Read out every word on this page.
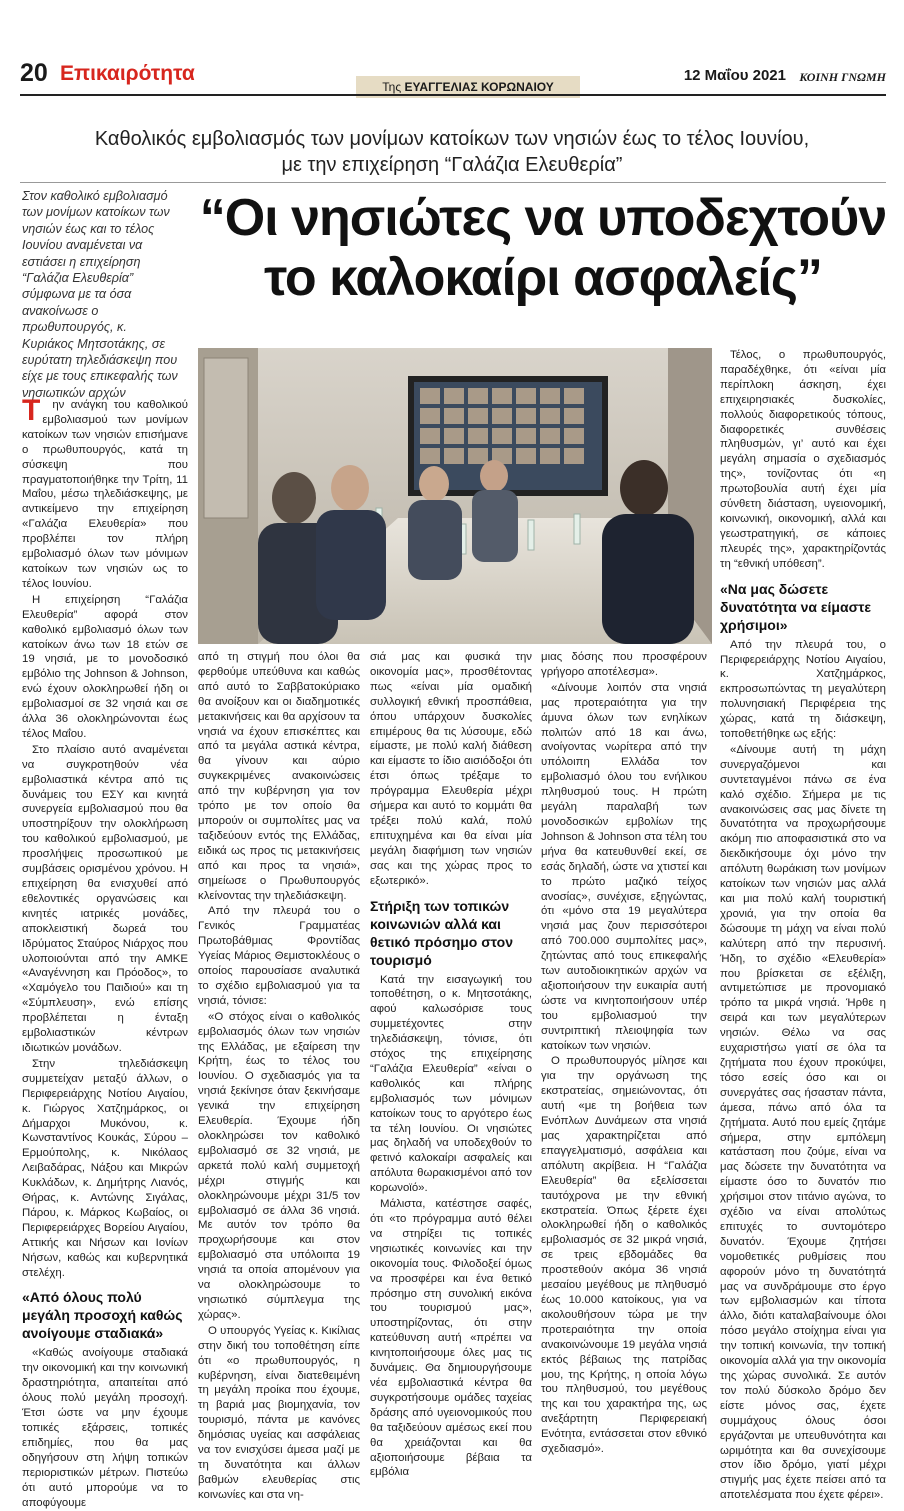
20 Επικαιρότητα
Της ΕΥΑΓΓΕΛΙΑΣ ΚΟΡΩΝΑΙΟΥ
12 Μαΐου 2021 ΚΟΙΝΗ ΓΝΩΜΗ
Καθολικός εμβολιασμός των μονίμων κατοίκων των νησιών έως το τέλος Ιουνίου,
με την επιχείρηση “Γαλάζια Ελευθερία”
Στον καθολικό εμβολιασμό των μονίμων κατοίκων των νησιών έως και το τέλος Ιουνίου αναμένεται να εστιάσει η επιχείρηση “Γαλάζια Ελευθερία” σύμφωνα με τα όσα ανακοίνωσε ο πρωθυπουργός, κ. Κυριάκος Μητσοτάκης, σε ευρύτατη τηλεδιάσκεψη που είχε με τους επικεφαλής των νησιωτικών αρχών
“Οι νησιώτες να υποδεχτούν
το καλοκαίρι ασφαλείς”

Την ανάγκη του καθολικού εμβολιασμού των μονίμων κατοίκων των νησιών επισήμανε ο πρωθυπουργός, κατά τη σύσκεψη που πραγματοποιήθηκε την Τρίτη, 11 Μαΐου, μέσω τηλεδιάσκεψης, με αντικείμενο την επιχείρηση «Γαλάζια Ελευθερία» που προβλέπει τον πλήρη εμβολιασμό όλων των μόνιμων κατοίκων των νησιών ως το τέλος Ιουνίου.

Η επιχείρηση “Γαλάζια Ελευθερία” αφορά στον καθολικό εμβολιασμό όλων των κατοίκων άνω των 18 ετών σε 19 νησιά, με το μονοδοσικό εμβόλιο της Johnson & Johnson, ενώ έχουν ολοκληρωθεί ήδη οι εμβολιασμοί σε 32 νησιά και σε άλλα 36 ολοκληρώνονται έως τέλος Μαΐου.

Στο πλαίσιο αυτό αναμένεται να συγκροτηθούν νέα εμβολιαστικά κέντρα από τις δυνάμεις του ΕΣΥ και κινητά συνεργεία εμβολιασμού που θα υποστηρίξουν την ολοκλήρωση του καθολικού εμβολιασμού, με προσλήψεις προσωπικού με συμβάσεις ορισμένου χρόνου. Η επιχείρηση θα ενισχυθεί από εθελοντικές οργανώσεις και κινητές ιατρικές μονάδες, αποκλειστική δωρεά του Ιδρύματος Σταύρος Νιάρχος που υλοποιούνται από την ΑΜΚΕ «Αναγέννηση και Πρόοδος», το «Χαμόγελο του Παιδιού» και τη «Σύμπλευση», ενώ επίσης προβλέπεται η ένταξη εμβολιαστικών κέντρων ιδιωτικών μονάδων.

Στην τηλεδιάσκεψη συμμετείχαν μεταξύ άλλων, ο Περιφερειάρχης Νοτίου Αιγαίου, κ. Γιώργος Χατζημάρκος, οι Δήμαρχοι Μυκόνου, κ. Κωνσταντίνος Κουκάς, Σύρου – Ερμούπολης, κ. Νικόλαος Λειβαδάρας, Νάξου και Μικρών Κυκλάδων, κ. Δημήτρης Λιανός, Θήρας, κ. Αντώνης Σιγάλας, Πάρου, κ. Μάρκος Κωβαίος, οι Περιφερειάρχες Βορείου Αιγαίου, Αττικής και Νήσων και Ιονίων Νήσων, καθώς και κυβερνητικά στελέχη.

«Από όλους πολύ μεγάλη προσοχή καθώς ανοίγουμε σταδιακά»

«Καθώς ανοίγουμε σταδιακά την οικονομική και την κοινωνική δραστηριότητα, απαιτείται από όλους πολύ μεγάλη προσοχή. Έτσι ώστε να μην έχουμε τοπικές εξάρσεις, τοπικές επιδημίες, που θα μας οδηγήσουν στη λήψη τοπικών περιοριστικών μέτρων. Πιστεύω ότι αυτό μπορούμε να το αποφύγουμε

από τη στιγμή που όλοι θα φερθούμε υπεύθυνα και καθώς από αυτό το Σαββατοκύριακο θα ανοίξουν και οι διαδημοτικές μετακινήσεις και θα αρχίσουν τα νησιά να έχουν επισκέπτες και από τα μεγάλα αστικά κέντρα, θα γίνουν και αύριο συγκεκριμένες ανακοινώσεις από την κυβέρνηση για τον τρόπο με τον οποίο θα μπορούν οι συμπολίτες μας να ταξιδεύουν εντός της Ελλάδας, ειδικά ως προς τις μετακινήσεις από και προς τα νησιά», σημείωσε ο Πρωθυπουργός κλείνοντας την τηλεδιάσκεψη.

Από την πλευρά του ο Γενικός Γραμματέας Πρωτοβάθμιας Φροντίδας Υγείας Μάριος Θεμιστοκλέους ο οποίος παρουσίασε αναλυτικά το σχέδιο εμβολιασμού για τα νησιά, τόνισε:

«Ο στόχος είναι ο καθολικός εμβολιασμός όλων των νησιών της Ελλάδας, με εξαίρεση την Κρήτη, έως το τέλος του Ιουνίου. Ο σχεδιασμός για τα νησιά ξεκίνησε όταν ξεκινήσαμε γενικά την επιχείρηση Ελευθερία. Έχουμε ήδη ολοκληρώσει τον καθολικό εμβολιασμό σε 32 νησιά, με αρκετά πολύ καλή συμμετοχή μέχρι στιγμής και ολοκληρώνουμε μέχρι 31/5 τον εμβολιασμό σε άλλα 36 νησιά. Με αυτόν τον τρόπο θα προχωρήσουμε και στον εμβολιασμό στα υπόλοιπα 19 νησιά τα οποία απομένουν για να ολοκληρώσουμε το νησιωτικό σύμπλεγμα της χώρας».

Ο υπουργός Υγείας κ. Κικίλιας στην δική του τοποθέτηση είπε ότι «ο πρωθυπουργός, η κυβέρνηση, είναι διατεθειμένη τη μεγάλη προίκα που έχουμε, τη βαριά μας βιομηχανία, τον τουρισμό, πάντα με κανόνες δημόσιας υγείας και ασφάλειας να τον ενισχύσει άμεσα μαζί με τη δυνατότητα και άλλων βαθμών ελευθερίας στις κοινωνίες και στα νη-

σιά μας και φυσικά την οικονομία μας», προσθέτοντας πως «είναι μία ομαδική συλλογική εθνική προσπάθεια, όπου υπάρχουν δυσκολίες επιμέρους θα τις λύσουμε, εδώ είμαστε, με πολύ καλή διάθεση και είμαστε το ίδιο αισιόδοξοι ότι έτσι όπως τρέξαμε το πρόγραμμα Ελευθερία μέχρι σήμερα και αυτό το κομμάτι θα τρέξει πολύ καλά, πολύ επιτυχημένα και θα είναι μία μεγάλη διαφήμιση των νησιών σας και της χώρας προς το εξωτερικό».

Στήριξη των τοπικών κοινωνιών αλλά και θετικό πρόσημο στον τουρισμό

Κατά την εισαγωγική του τοποθέτηση, ο κ. Μητσοτάκης, αφού καλωσόρισε τους συμμετέχοντες στην τηλεδιάσκεψη, τόνισε, ότι στόχος της επιχείρησης “Γαλάζια Ελευθερία” «είναι ο καθολικός και πλήρης εμβολιασμός των μόνιμων κατοίκων τους το αργότερο έως τα τέλη Ιουνίου. Οι νησιώτες μας δηλαδή να υποδεχθούν το φετινό καλοκαίρι ασφαλείς και απόλυτα θωρακισμένοι από τον κορωνοϊό».

Μάλιστα, κατέστησε σαφές, ότι «το πρόγραμμα αυτό θέλει να στηρίξει τις τοπικές νησιωτικές κοινωνίες και την οικονομία τους. Φιλοδοξεί όμως να προσφέρει και ένα θετικό πρόσημο στη συνολική εικόνα του τουρισμού μας», υποστηρίζοντας, ότι στην κατεύθυνση αυτή «πρέπει να κινητοποιήσουμε όλες μας τις δυνάμεις. Θα δημιουργήσουμε νέα εμβολιαστικά κέντρα θα συγκροτήσουμε ομάδες ταχείας δράσης από υγειονομικούς που θα ταξιδεύουν αμέσως εκεί που θα χρειάζονται και θα αξιοποιήσουμε βέβαια τα εμβόλια

μιας δόσης που προσφέρουν γρήγορο αποτέλεσμα».

«Δίνουμε λοιπόν στα νησιά μας προτεραιότητα για την άμυνα όλων των ενηλίκων πολιτών από 18 και άνω, ανοίγοντας νωρίτερα από την υπόλοιπη Ελλάδα τον εμβολιασμό όλου του ενήλικου πληθυσμού τους. Η πρώτη μεγάλη παραλαβή των μονοδοσικών εμβολίων της Johnson & Johnson στα τέλη του μήνα θα κατευθυνθεί εκεί, σε εσάς δηλαδή, ώστε να χτιστεί και το πρώτο μαζικό τείχος ανοσίας», συνέχισε, εξηγώντας, ότι «μόνο στα 19 μεγαλύτερα νησιά μας ζουν περισσότεροι από 700.000 συμπολίτες μας», ζητώντας από τους επικεφαλής των αυτοδιοικητικών αρχών να αξιοποιήσουν την ευκαιρία αυτή ώστε να κινητοποιήσουν υπέρ του εμβολιασμού την συντριπτική πλειοψηφία των κατοίκων των νησιών.

Ο πρωθυπουργός μίλησε και για την οργάνωση της εκστρατείας, σημειώνοντας, ότι αυτή «με τη βοήθεια των Ενόπλων Δυνάμεων στα νησιά μας χαρακτηρίζεται από επαγγελματισμό, ασφάλεια και απόλυτη ακρίβεια. Η “Γαλάζια Ελευθερία” θα εξελίσσεται ταυτόχρονα με την εθνική εκστρατεία. Όπως ξέρετε έχει ολοκληρωθεί ήδη ο καθολικός εμβολιασμός σε 32 μικρά νησιά, σε τρεις εβδομάδες θα προστεθούν ακόμα 36 νησιά μεσαίου μεγέθους με πληθυσμό έως 10.000 κατοίκους, για να ακολουθήσουν τώρα με την προτεραιότητα την οποία ανακοινώνουμε 19 μεγάλα νησιά εκτός βέβαιως της πατρίδας μου, της Κρήτης, η οποία λόγω του πληθυσμού, του μεγέθους της και του χαρακτήρα της, ως ανεξάρτητη Περιφερειακή Ενότητα, εντάσσεται στον εθνικό σχεδιασμό».

Τέλος, ο πρωθυπουργός, παραδέχθηκε, ότι «είναι μία περίπλοκη άσκηση, έχει επιχειρησιακές δυσκολίες, πολλούς διαφορετικούς τόπους, διαφορετικές συνθέσεις πληθυσμών, γι’ αυτό και έχει μεγάλη σημασία ο σχεδιασμός της», τονίζοντας ότι «η πρωτοβουλία αυτή έχει μία σύνθετη διάσταση, υγειονομική, κοινωνική, οικονομική, αλλά και γεωστρατηγική, σε κάποιες πλευρές της», χαρακτηρίζοντάς τη “εθνική υπόθεση”.

«Να μας δώσετε δυνατότητα να είμαστε χρήσιμοι»

Από την πλευρά του, ο Περιφερειάρχης Νοτίου Αιγαίου, κ. Χατζημάρκος, εκπροσωπώντας τη μεγαλύτερη πολυνησιακή Περιφέρεια της χώρας, κατά τη διάσκεψη, τοποθετήθηκε ως εξής:

«Δίνουμε αυτή τη μάχη συνεργαζόμενοι και συντεταγμένοι πάνω σε ένα καλό σχέδιο. Σήμερα με τις ανακοινώσεις σας μας δίνετε τη δυνατότητα να προχωρήσουμε ακόμη πιο αποφασιστικά στο να διεκδικήσουμε όχι μόνο την απόλυτη θωράκιση των μονίμων κατοίκων των νησιών μας αλλά και μια πολύ καλή τουριστική χρονιά, για την οποία θα δώσουμε τη μάχη να είναι πολύ καλύτερη από την περυσινή. Ήδη, το σχέδιο «Ελευθερία» που βρίσκεται σε εξέλιξη, αντιμετώπισε με προνομιακό τρόπο τα μικρά νησιά. Ήρθε η σειρά και των μεγαλύτερων νησιών. Θέλω να σας ευχαριστήσω γιατί σε όλα τα ζητήματα που έχουν προκύψει, τόσο εσείς όσο και οι συνεργάτες σας ήσασταν πάντα, άμεσα, πάνω από όλα τα ζητήματα. Αυτό που εμείς ζητάμε σήμερα, στην εμπόλεμη κατάσταση που ζούμε, είναι να μας δώσετε την δυνατότητα να είμαστε όσο το δυνατόν πιο χρήσιμοι στον τιτάνιο αγώνα, το σχέδιο να είναι απολύτως επιτυχές το συντομότερο δυνατόν. Έχουμε ζητήσει νομοθετικές ρυθμίσεις που αφορούν μόνο τη δυνατότητά μας να συνδράμουμε στο έργο των εμβολιασμών και τίποτα άλλο, διότι καταλαβαίνουμε όλοι πόσο μεγάλο στοίχημα είναι για την τοπική κοινωνία, την τοπική οικονομία αλλά για την οικονομία της χώρας συνολικά. Σε αυτόν τον πολύ δύσκολο δρόμο δεν είστε μόνος σας, έχετε συμμάχους όλους όσοι εργάζονται με υπευθυνότητα και ωριμότητα και θα συνεχίσουμε στον ίδιο δρόμο, γιατί μέχρι στιγμής μας έχετε πείσει από τα αποτελέσματα που έχετε φέρει».
